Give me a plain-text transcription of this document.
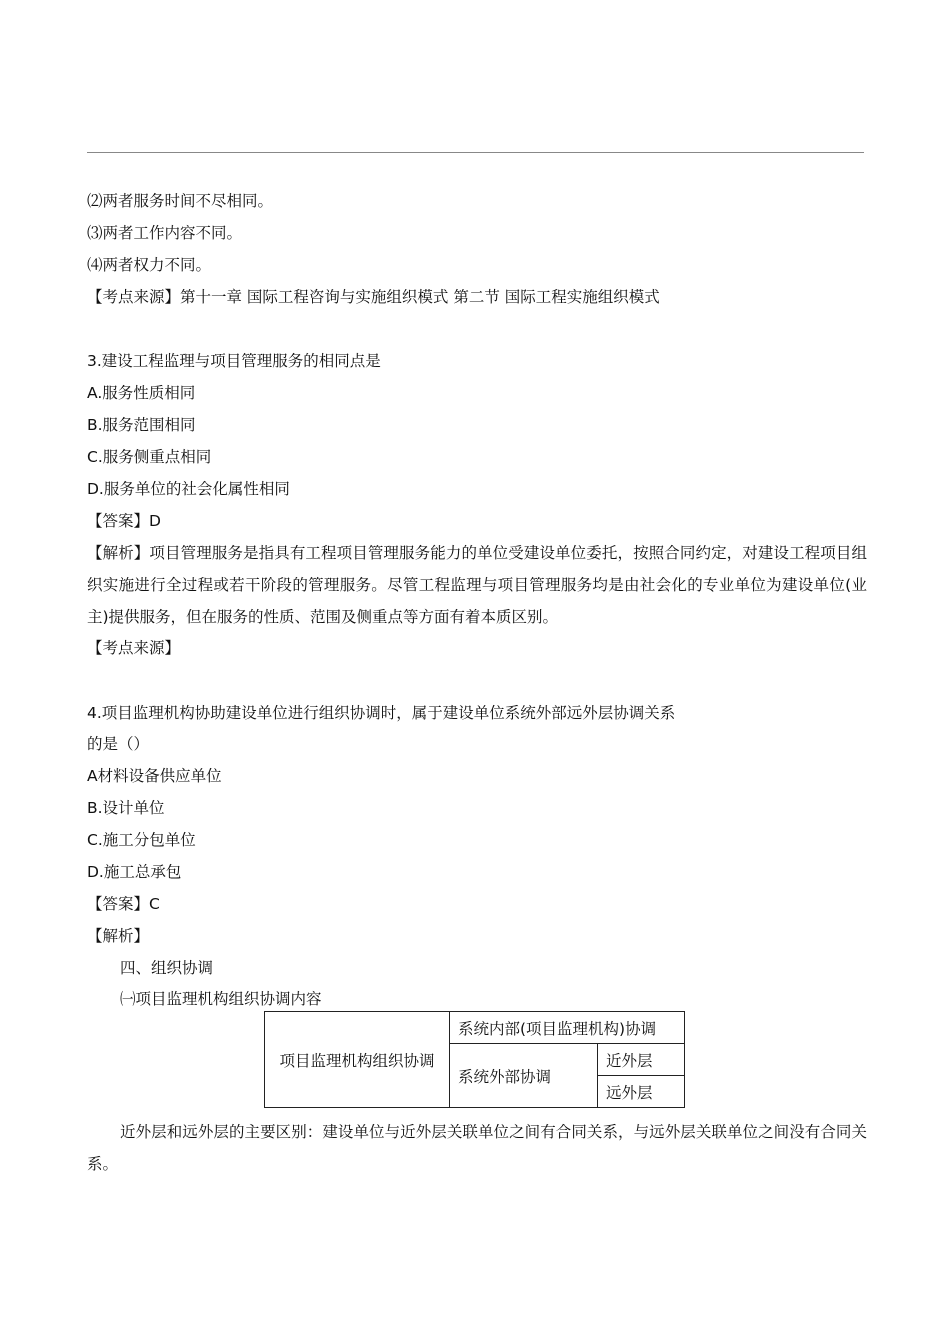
⑵两者服务时间不尽相同。
⑶两者工作内容不同。
⑷两者权力不同。
【考点来源】第十一章 国际工程咨询与实施组织模式 第二节 国际工程实施组织模式
3.建设工程监理与项目管理服务的相同点是
A.服务性质相同
B.服务范围相同
C.服务侧重点相同
D.服务单位的社会化属性相同
【答案】D
【解析】项目管理服务是指具有工程项目管理服务能力的单位受建设单位委托，按照合同约定，对建设工程项目组织实施进行全过程或若干阶段的管理服务。尽管工程监理与项目管理服务均是由社会化的专业单位为建设单位(业主)提供服务，但在服务的性质、范围及侧重点等方面有着本质区别。
【考点来源】
4.项目监理机构协助建设单位进行组织协调时，属于建设单位系统外部远外层协调关系
的是（）
A材料设备供应单位
B.设计单位
C.施工分包单位
D.施工总承包
【答案】C
【解析】
四、组织协调
㈠项目监理机构组织协调内容
项目监理机构组织协调	系统内部(项目监理机构)协调	
	系统外部协调	近外层
		远外层
近外层和远外层的主要区别：建设单位与近外层关联单位之间有合同关系，与远外层关联单位之间没有合同关系。
